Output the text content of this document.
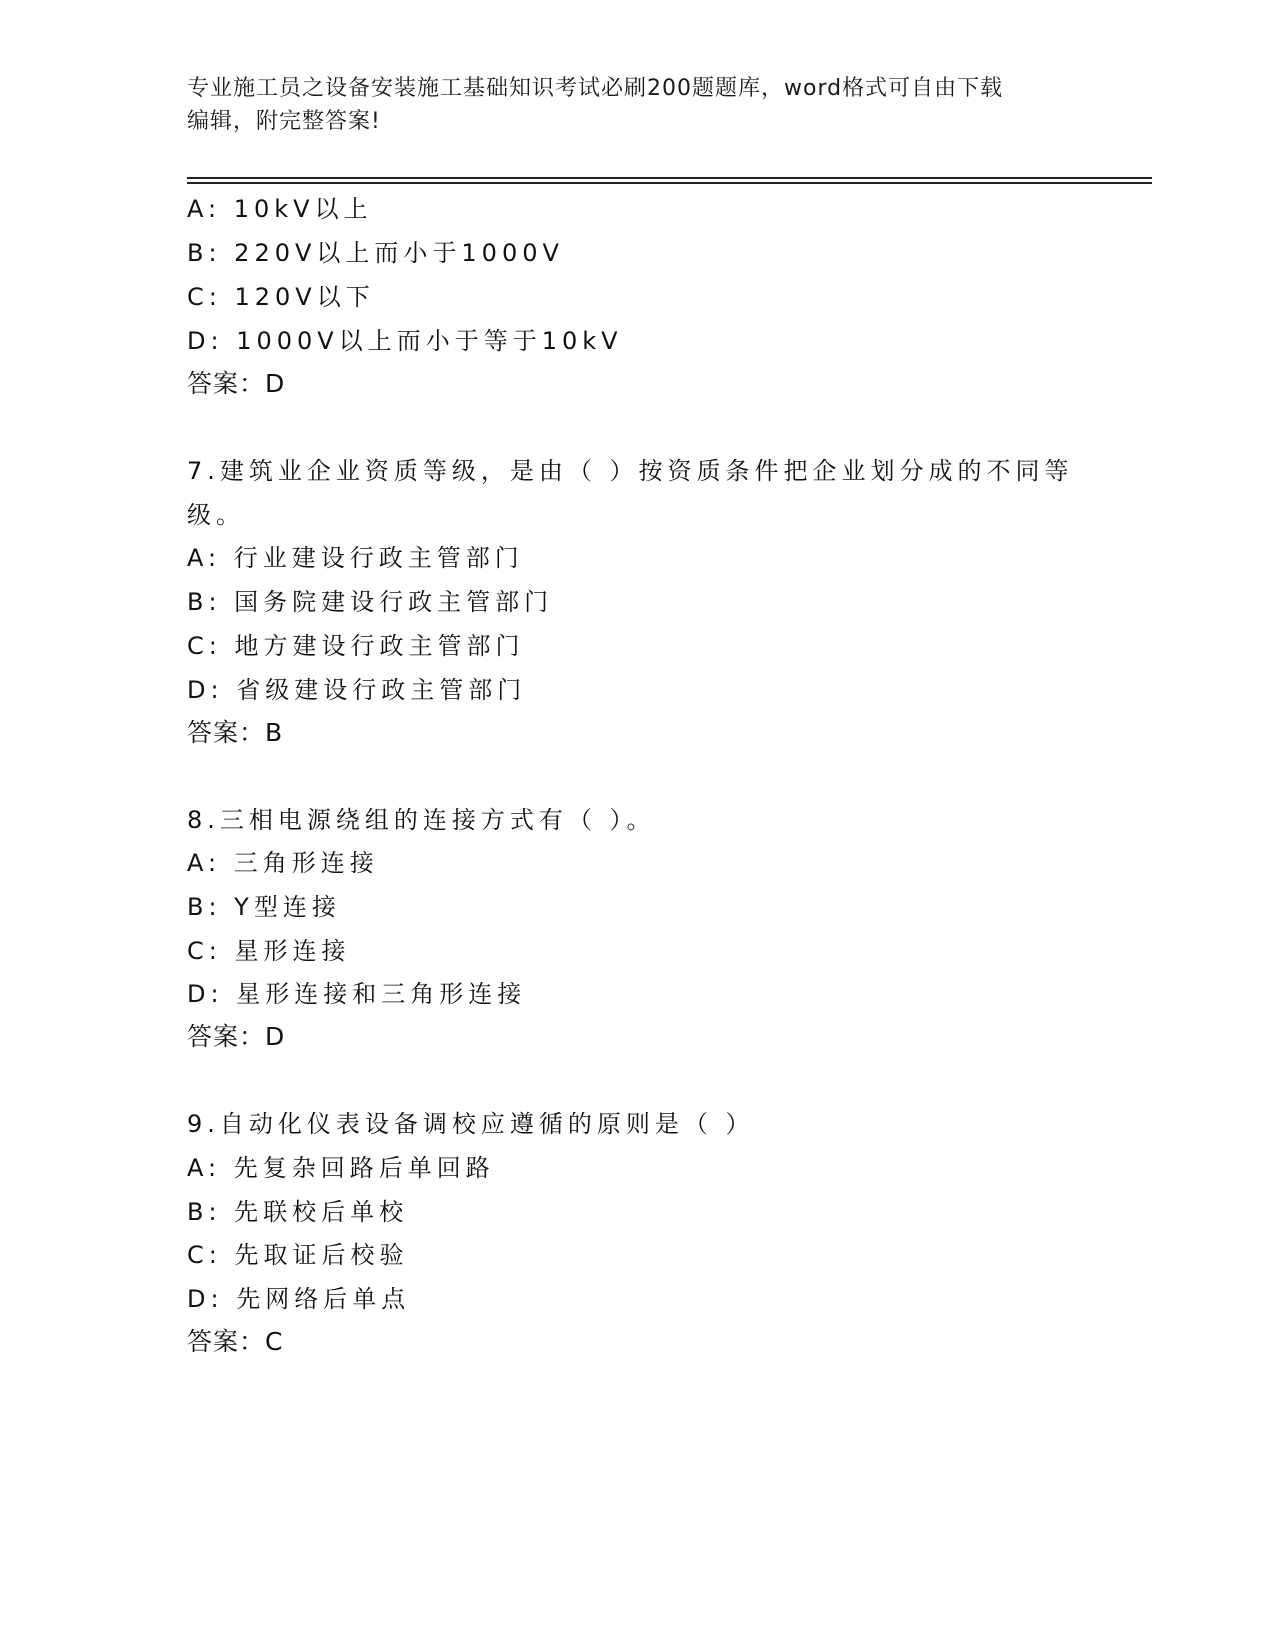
专业施工员之设备安装施工基础知识考试必刷200题题库，word格式可自由下载
编辑，附完整答案!
A: 10kV以上
B: 220V以上而小于1000V
C: 120V以下
D: 1000V以上而小于等于10kV
答案：D
7.建筑业企业资质等级，是由（ ）按资质条件把企业划分成的不同等
级。
A: 行业建设行政主管部门
B: 国务院建设行政主管部门
C: 地方建设行政主管部门
D: 省级建设行政主管部门
答案：B
8.三相电源绕组的连接方式有（ ）。
A: 三角形连接
B: Y型连接
C: 星形连接
D: 星形连接和三角形连接
答案：D
9.自动化仪表设备调校应遵循的原则是（ ）
A: 先复杂回路后单回路
B: 先联校后单校
C: 先取证后校验
D: 先网络后单点
答案：C
